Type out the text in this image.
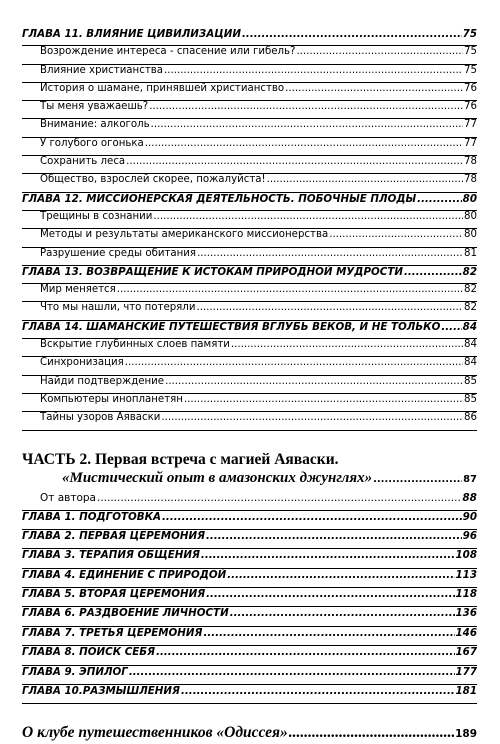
ГЛАВА 11. ВЛИЯНИЕ ЦИВИЛИЗАЦИИ .....	75
Возрождение интереса - спасение или гибель? .....	75
Влияние христианства .....	75
История о шамане, принявшей христианство .....	76
Ты меня уважаешь? .....	76
Внимание: алкоголь .....	77
У голубого огонька .....	77
Сохранить леса .....	78
Общество, взрослей скорее, пожалуйста! .....	78
ГЛАВА 12. МИССИОНЕРСКАЯ ДЕЯТЕЛЬНОСТЬ. ПОБОЧНЫЕ ПЛОДЫ .....	80
Трещины в сознании .....	80
Методы и результаты американского миссионерства .....	80
Разрушение среды обитания .....	81
ГЛАВА 13. ВОЗВРАЩЕНИЕ К ИСТОКАМ ПРИРОДНОЙ МУДРОСТИ .....	82
Мир меняется .....	82
Что мы нашли, что потеряли .....	82
ГЛАВА 14. ШАМАНСКИЕ ПУТЕШЕСТВИЯ ВГЛУБЬ ВЕКОВ, И НЕ ТОЛЬКО ..... 84
Вскрытие глубинных слоев памяти .....	84
Синхронизация .....	84
Найди подтверждение .....	85
Компьютеры инопланетян .....	85
Тайны узоров Аяваски .....	86
ЧАСТЬ 2. Первая встреча с магией Аяваски.
«Мистический опыт в амазонских джунглях» .....	87
От автора .....	88
ГЛАВА 1. ПОДГОТОВКА .....	90
ГЛАВА 2. ПЕРВАЯ ЦЕРЕМОНИЯ .....	96
ГЛАВА 3. ТЕРАПИЯ ОБЩЕНИЯ .....	108
ГЛАВА 4. ЕДИНЕНИЕ С ПРИРОДОЙ .....	113
ГЛАВА 5. ВТОРАЯ ЦЕРЕМОНИЯ .....	118
ГЛАВА 6. РАЗДВОЕНИЕ ЛИЧНОСТИ .....	136
ГЛАВА 7. ТРЕТЬЯ ЦЕРЕМОНИЯ .....	146
ГЛАВА 8. ПОИСК СЕБЯ .....	167
ГЛАВА 9. ЭПИЛОГ .....	177
ГЛАВА 10.РАЗМЫШЛЕНИЯ .....	181
О клубе путешественников «Одиссея» .....	189
